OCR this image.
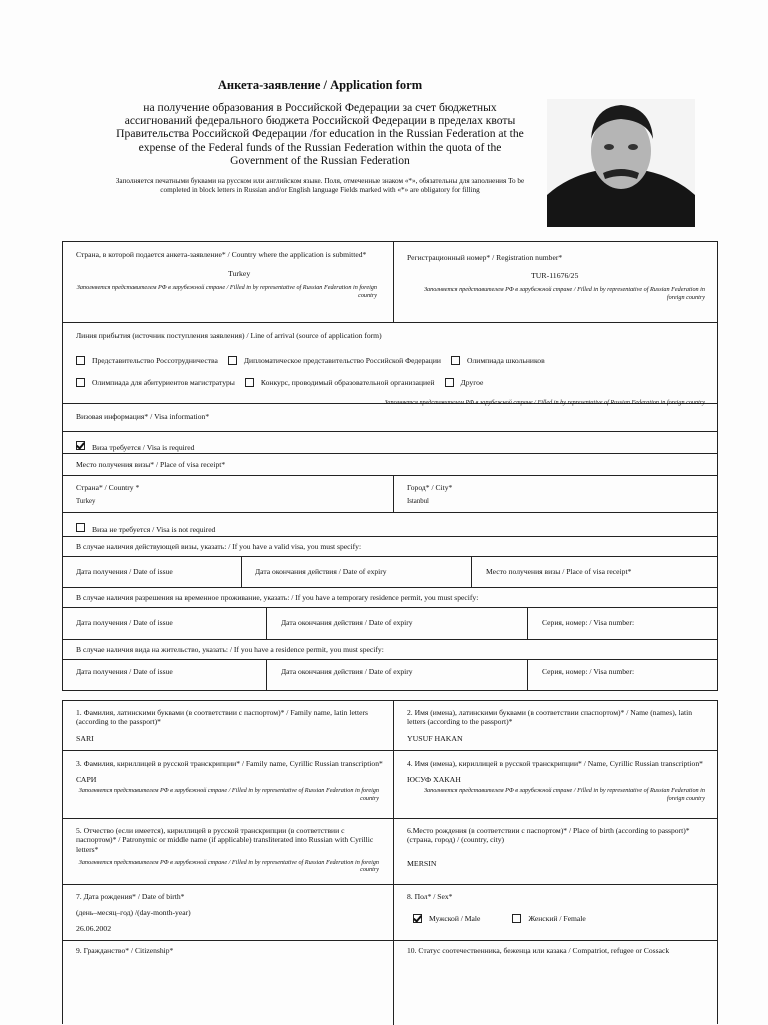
Анкета-заявление / Application form
на получение образования в Российской Федерации за счет бюджетных ассигнований федерального бюджета Российской Федерации в пределах квоты Правительства Российской Федерации /for education in the Russian Federation at the expense of the Federal funds of the Russian Federation within the quota of the Government of the Russian Federation
Заполняется печатными буквами на русском или английском языке. Поля, отмеченные знаком «*», обязательны для заполнения To be completed in block letters in Russian and/or English language Fields marked with «*» are obligatory for filling
Страна, в которой подается анкета-заявление* / Country where the application is submitted*
Turkey
Заполняется представителем РФ в зарубежной стране / Filled in by representative of Russian Federation in foreign country
Регистрационный номер* / Registration number*
TUR-11676/25
Заполняется представителем РФ в зарубежной стране / Filled in by representative of Russian Federation in foreign country
Линия прибытия (источник поступления заявления) / Line of arrival (source of application form)
Представительство Россотрудничества	Дипломатическое представительство Российской Федерации	Олимпиада школьников
Олимпиада для абитуриентов магистратуры	Конкурс, проводимый образовательной организацией	Другое
Заполняется представителем РФ в зарубежной стране / Filled in by representative of Russian Federation in foreign country
Визовая информация* / Visa information*
Виза требуется / Visa is required
Место получения визы* / Place of visa receipt*
Страна* / Country *
Turkey
Город* / City*
Istanbul
Виза не требуется / Visa is not required
В случае наличия действующей визы, указать: / If you have a valid visa, you must specify:
Дата получения / Date of issue	Дата окончания действия / Date of expiry	Место получения визы / Place of visa receipt*
В случае наличия разрешения на временное проживание, указать: / If you have a temporary residence permit, you must specify:
Дата получения / Date of issue	Дата окончания действия / Date of expiry	Серия, номер: / Visa number:
В случае наличия вида на жительство, указать: / If you have a residence permit, you must specify:
Дата получения / Date of issue	Дата окончания действия / Date of expiry	Серия, номер: / Visa number:
1. Фамилия, латинскими буквами (в соответствии с паспортом)* / Family name, latin letters (according to the passport)*
SARI
2. Имя (имена), латинскими буквами (в соответствии спаспортом)* / Name (names), latin letters (according to the passport)*
YUSUF HAKAN
3. Фамилия, кириллицей в русской транскрипции* / Family name, Cyrillic Russian transcription*
САРИ
Заполняется представителем РФ в зарубежной стране / Filled in by representative of Russian Federation in foreign country
4. Имя (имена), кириллицей в русской транскрипции* / Name, Cyrillic Russian transcription*
ЮСУФ ХАКАН
Заполняется представителем РФ в зарубежной стране / Filled in by representative of Russian Federation in foreign country
5. Отчество (если имеется), кириллицей в русской транскрипции (в соответствии с паспортом)* / Patronymic or middle name (if applicable) transliterated into Russian with Cyrillic letters*
Заполняется представителем РФ в зарубежной стране / Filled in by representative of Russian Federation in foreign country
6.Место рождения (в соответствии с паспортом)* / Place of birth (according to passport)* (страна, город) / (country, city)
MERSIN
7. Дата рождения* / Date of birth*
(день–месяц–год) /(day-month-year)
26.06.2002
8. Пол* / Sex*
Мужской / Male	Женский / Female
9. Гражданство* / Citizenship*	10. Статус соотечественника, беженца или казака / Compatriot, refugee or Cossack
